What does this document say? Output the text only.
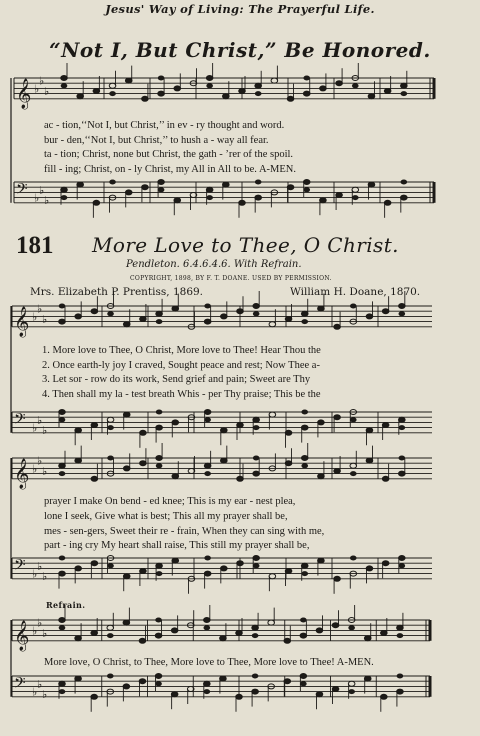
Jesus' Way of Living: The Prayerful Life.
“Not I, But Christ,” Be Honored.
181 More Love to Thee, O Christ.
Pendleton. 6.4.6.4.6. With Refrain.
COPYRIGHT, 1898, BY F. T. DOANE. USED BY PERMISSION.
Mrs. Elizabeth P. Prentiss, 1869.	William H. Doane, 1870.
Refrain.
ac - tion,‘‘Not I, but Christ,’’ in ev - ry thought and word.
bur - den,‘‘Not I, but Christ,’’ to hush a - way all fear.
ta - tion; Christ, none but Christ, the gath - ’rer of the spoil.
fill - ing; Christ, on - ly Christ, my All in All to be. A-MEN.
1. More love to Thee, O Christ, More love to Thee! Hear Thou the
2. Once earth-ly joy I craved, Sought peace and rest; Now Thee a-
3. Let sor - row do its work, Send grief and pain; Sweet are Thy
4. Then shall my la - test breath Whis - per Thy praise; This be the
prayer I make On bend - ed knee; This is my ear - nest plea,
lone I seek, Give what is best; This all my prayer shall be,
mes - sen-gers, Sweet their re - frain, When they can sing with me,
part - ing cry My heart shall raise, This still my prayer shall be,
More love, O Christ, to Thee, More love to Thee, More love to Thee! A-MEN.
𝄞 ♭
♭
♭
𝄢 ♭
♭
♭
𝄞 ♭
♭
♭
𝄢 ♭
♭
♭
𝄞 ♭
♭
♭
𝄢 ♭
♭
♭
𝄞 ♭
♭
♭
𝄢 ♭
♭
♭
